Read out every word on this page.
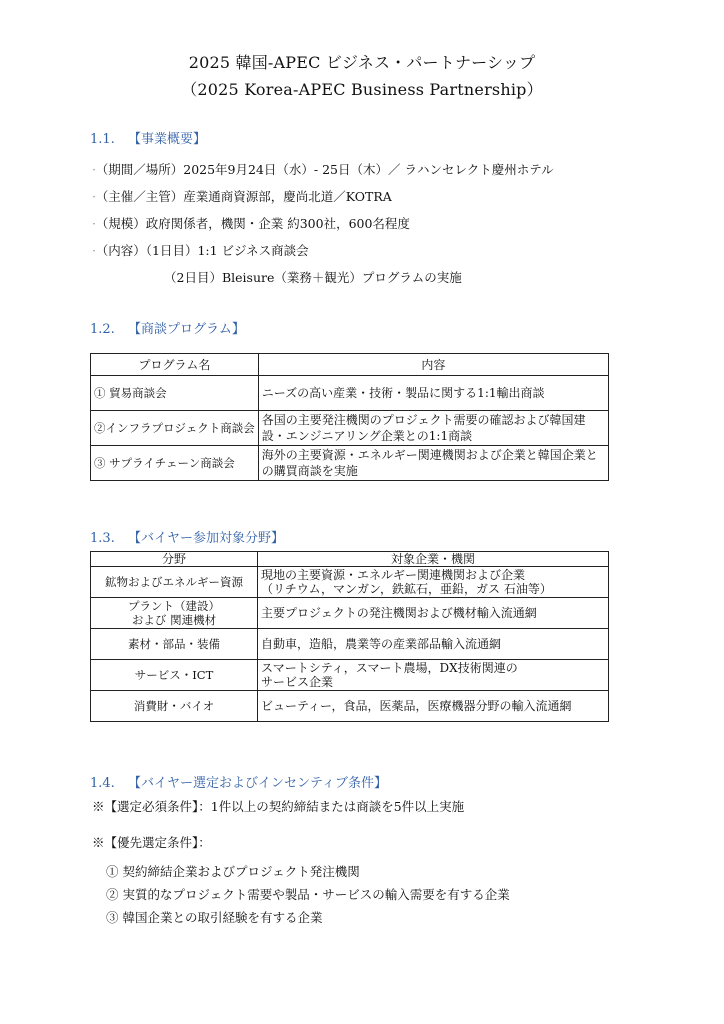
2025 韓国-APEC ビジネス・パートナーシップ
（2025 Korea-APEC Business Partnership）
1.1. 【事業概要】
· （期間／場所）2025年9月24日（水）- 25日（木）／ ラハンセレクト慶州ホテル
· （主催／主管）産業通商資源部，慶尚北道／KOTRA
· （規模）政府関係者，機関・企業 約300社，600名程度
· （内容）（1日目）1:1 ビジネス商談会
（2日目）Bleisure（業務＋観光）プログラムの実施
1.2. 【商談プログラム】
プログラム名	内容
① 貿易商談会	ニーズの高い産業・技術・製品に関する1:1輸出商談
②インフラプロジェクト商談会	各国の主要発注機関のプロジェクト需要の確認および韓国建設・エンジニアリング企業との1:1商談
③ サプライチェーン商談会	海外の主要資源・エネルギー関連機関および企業と韓国企業との購買商談を実施
1.3. 【バイヤー参加対象分野】
分野	対象企業・機関
鉱物およびエネルギー資源	現地の主要資源・エネルギー関連機関および企業
（リチウム，マンガン，鉄鉱石，亜鉛，ガス 石油等）
プラント（建設）
および 関連機材	主要プロジェクトの発注機関および機材輸入流通網
素材・部品・装備	自動車，造船，農業等の産業部品輸入流通網
サービス・ICT	スマートシティ，スマート農場，DX技術関連の
サービス企業
消費財・バイオ	ビューティー，食品，医薬品，医療機器分野の輸入流通網
1.4. 【バイヤー選定およびインセンティブ条件】
※【選定必須条件】：1件以上の契約締結または商談を5件以上実施
※【優先選定条件】：
① 契約締結企業およびプロジェクト発注機関
② 実質的なプロジェクト需要や製品・サービスの輸入需要を有する企業
③ 韓国企業との取引経験を有する企業
